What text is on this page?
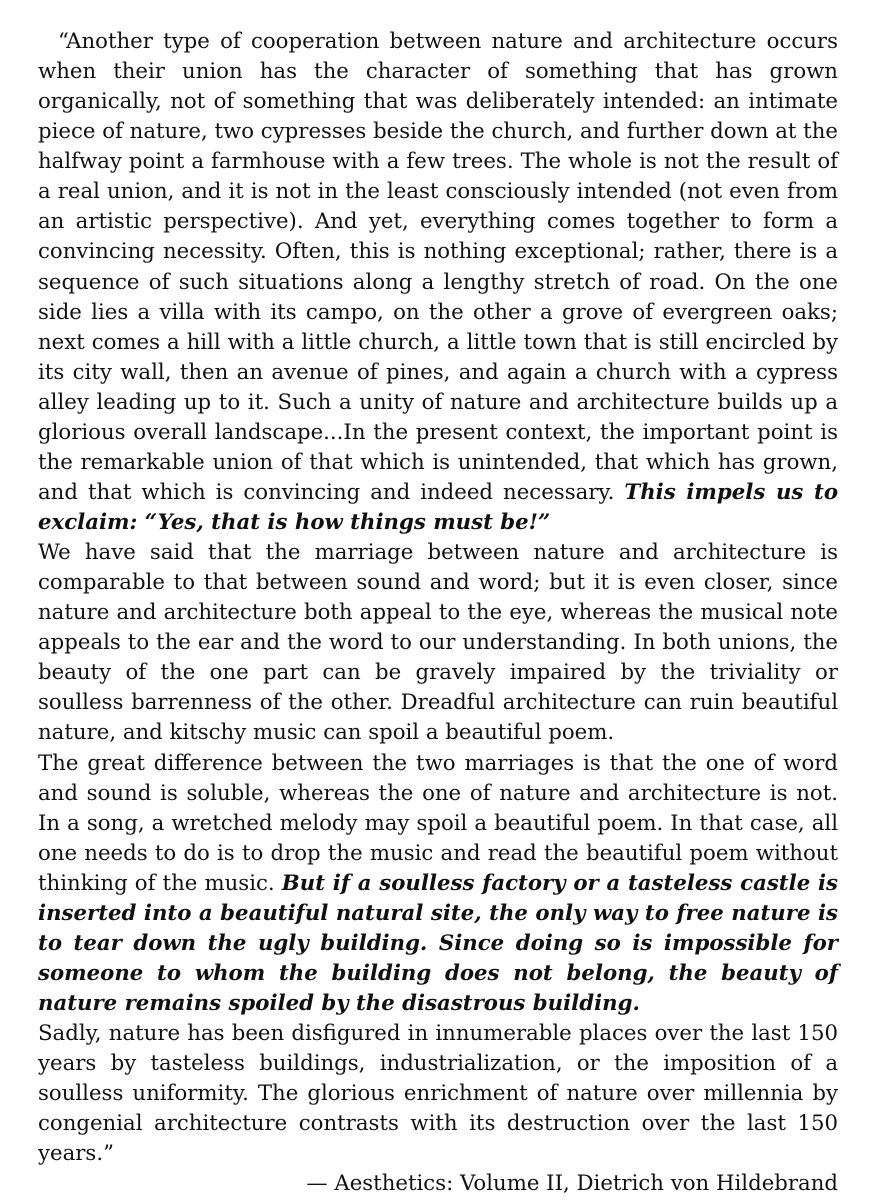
“Another type of cooperation between nature and architecture occurs when their union has the character of something that has grown organically, not of something that was deliberately intended: an intimate piece of nature, two cypresses beside the church, and further down at the halfway point a farmhouse with a few trees. The whole is not the result of a real union, and it is not in the least consciously intended (not even from an artistic perspective). And yet, everything comes together to form a convincing necessity. Often, this is nothing exceptional; rather, there is a sequence of such situations along a lengthy stretch of road. On the one side lies a villa with its campo, on the other a grove of evergreen oaks; next comes a hill with a little church, a little town that is still encircled by its city wall, then an avenue of pines, and again a church with a cypress alley leading up to it. Such a unity of nature and architecture builds up a glorious overall landscape...In the present context, the important point is the remarkable union of that which is unintended, that which has grown, and that which is convincing and indeed necessary. This impels us to exclaim: “Yes, that is how things must be!”

We have said that the marriage between nature and architecture is comparable to that between sound and word; but it is even closer, since nature and architecture both appeal to the eye, whereas the musical note appeals to the ear and the word to our understanding. In both unions, the beauty of the one part can be gravely impaired by the triviality or soulless barrenness of the other. Dreadful architecture can ruin beautiful nature, and kitschy music can spoil a beautiful poem.

The great difference between the two marriages is that the one of word and sound is soluble, whereas the one of nature and architecture is not. In a song, a wretched melody may spoil a beautiful poem. In that case, all one needs to do is to drop the music and read the beautiful poem without thinking of the music. But if a soulless factory or a tasteless castle is inserted into a beautiful natural site, the only way to free nature is to tear down the ugly building. Since doing so is impossible for someone to whom the building does not belong, the beauty of nature remains spoiled by the disastrous building.

Sadly, nature has been disfigured in innumerable places over the last 150 years by tasteless buildings, industrialization, or the imposition of a soulless uniformity. The glorious enrichment of nature over millennia by congenial architecture contrasts with its destruction over the last 150 years.”

— Aesthetics: Volume II, Dietrich von Hildebrand
